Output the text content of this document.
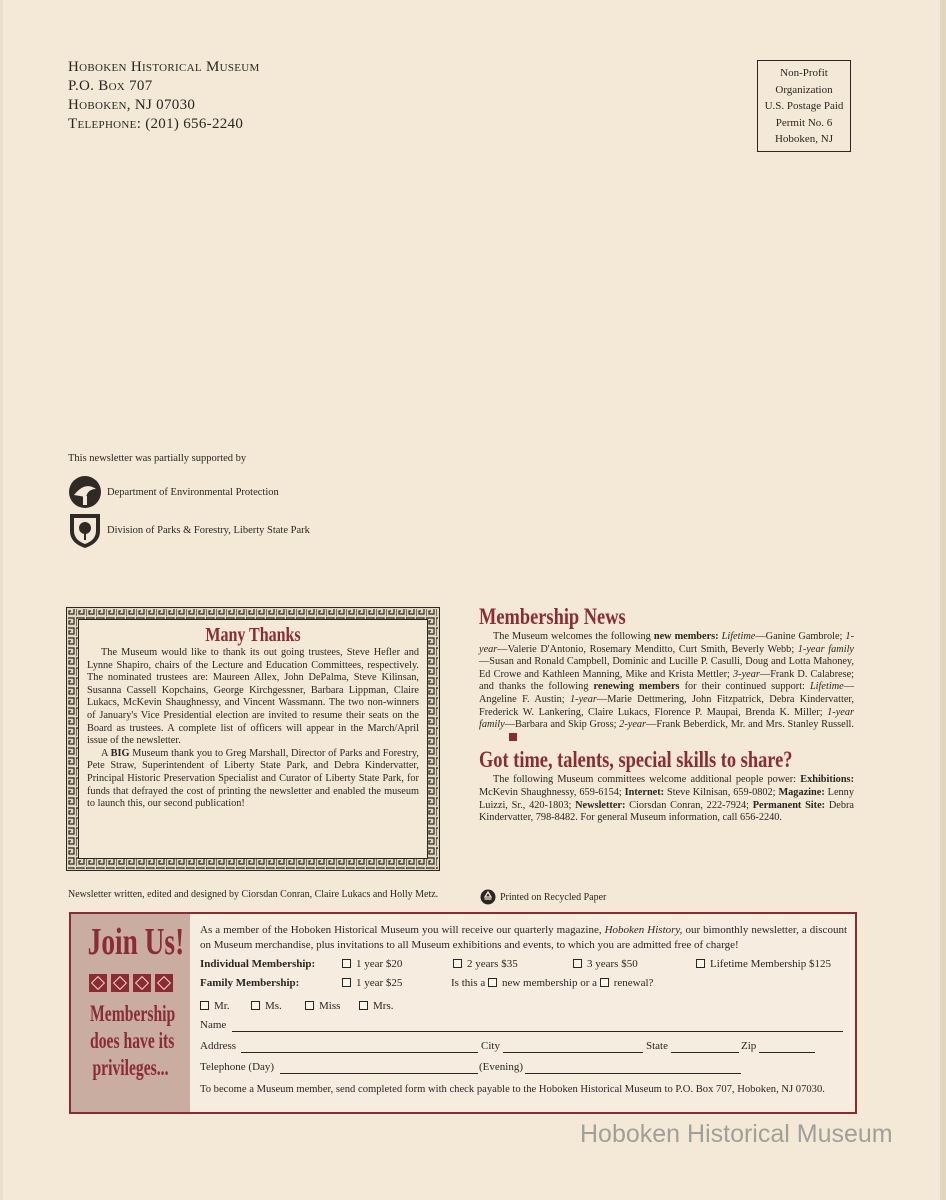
Hoboken Historical Museum
P.O. Box 707
Hoboken, NJ 07030
Telephone: (201) 656-2240
Non-Profit
Organization
U.S. Postage Paid
Permit No. 6
Hoboken, NJ
This newsletter was partially supported by
Department of Environmental Protection
Division of Parks & Forestry, Liberty State Park
Many Thanks

The Museum would like to thank its out going trustees, Steve Hefler and Lynne Shapiro, chairs of the Lecture and Education Committees, respectively. The nominated trustees are: Maureen Allex, John DePalma, Steve Kilinsan, Susanna Cassell Kopchains, George Kirchgessner, Barbara Lippman, Claire Lukacs, McKevin Shaughnessy, and Vincent Wassmann. The two non-winners of January's Vice Presidential election are invited to resume their seats on the Board as trustees. A complete list of officers will appear in the March/April issue of the newsletter.

A BIG Museum thank you to Greg Marshall, Director of Parks and Forestry, Pete Straw, Superintendent of Liberty State Park, and Debra Kindervatter, Principal Historic Preservation Specialist and Curator of Liberty State Park, for funds that defrayed the cost of printing the newsletter and enabled the museum to launch this, our second publication!

Membership News

The Museum welcomes the following new members: Lifetime—Ganine Gambrole; 1-year—Valerie D'Antonio, Rosemary Menditto, Curt Smith, Beverly Webb; 1-year family—Susan and Ronald Campbell, Dominic and Lucille P. Casulli, Doug and Lotta Mahoney, Ed Crowe and Kathleen Manning, Mike and Krista Mettler; 3-year—Frank D. Calabrese; and thanks the following renewing members for their continued support: Lifetime—Angeline F. Austin; 1-year—Marie Dettmering, John Fitzpatrick, Debra Kindervatter, Frederick W. Lankering, Claire Lukacs, Florence P. Maupai, Brenda K. Miller; 1-year family—Barbara and Skip Gross; 2-year—Frank Beberdick, Mr. and Mrs. Stanley Russell.

Got time, talents, special skills to share?

The following Museum committees welcome additional people power: Exhibitions: McKevin Shaughnessy, 659-6154; Internet: Steve Kilnisan, 659-0802; Magazine: Lenny Luizzi, Sr., 420-1803; Newsletter: Ciorsdan Conran, 222-7924; Permanent Site: Debra Kindervatter, 798-8482. For general Museum information, call 656-2240.

Newsletter written, edited and designed by Ciorsdan Conran, Claire Lukacs and Holly Metz.	Printed on Recycled Paper
Join Us!
Membership
does have its
privileges...
As a member of the Hoboken Historical Museum you will receive our quarterly magazine, Hoboken History, our bimonthly newsletter, a discount on Museum merchandise, plus invitations to all Museum exhibitions and events, to which you are admitted free of charge!
Individual Membership:	1 year $20	2 years $35	3 years $50	Lifetime Membership $125
Family Membership:	1 year $25	Is this a new membership or a renewal?
Mr.	Ms.	Miss	Mrs.
Name
Address	City	State	Zip
Telephone (Day)	(Evening)
To become a Museum member, send completed form with check payable to the Hoboken Historical Museum to P.O. Box 707, Hoboken, NJ 07030.
Hoboken Historical Museum
